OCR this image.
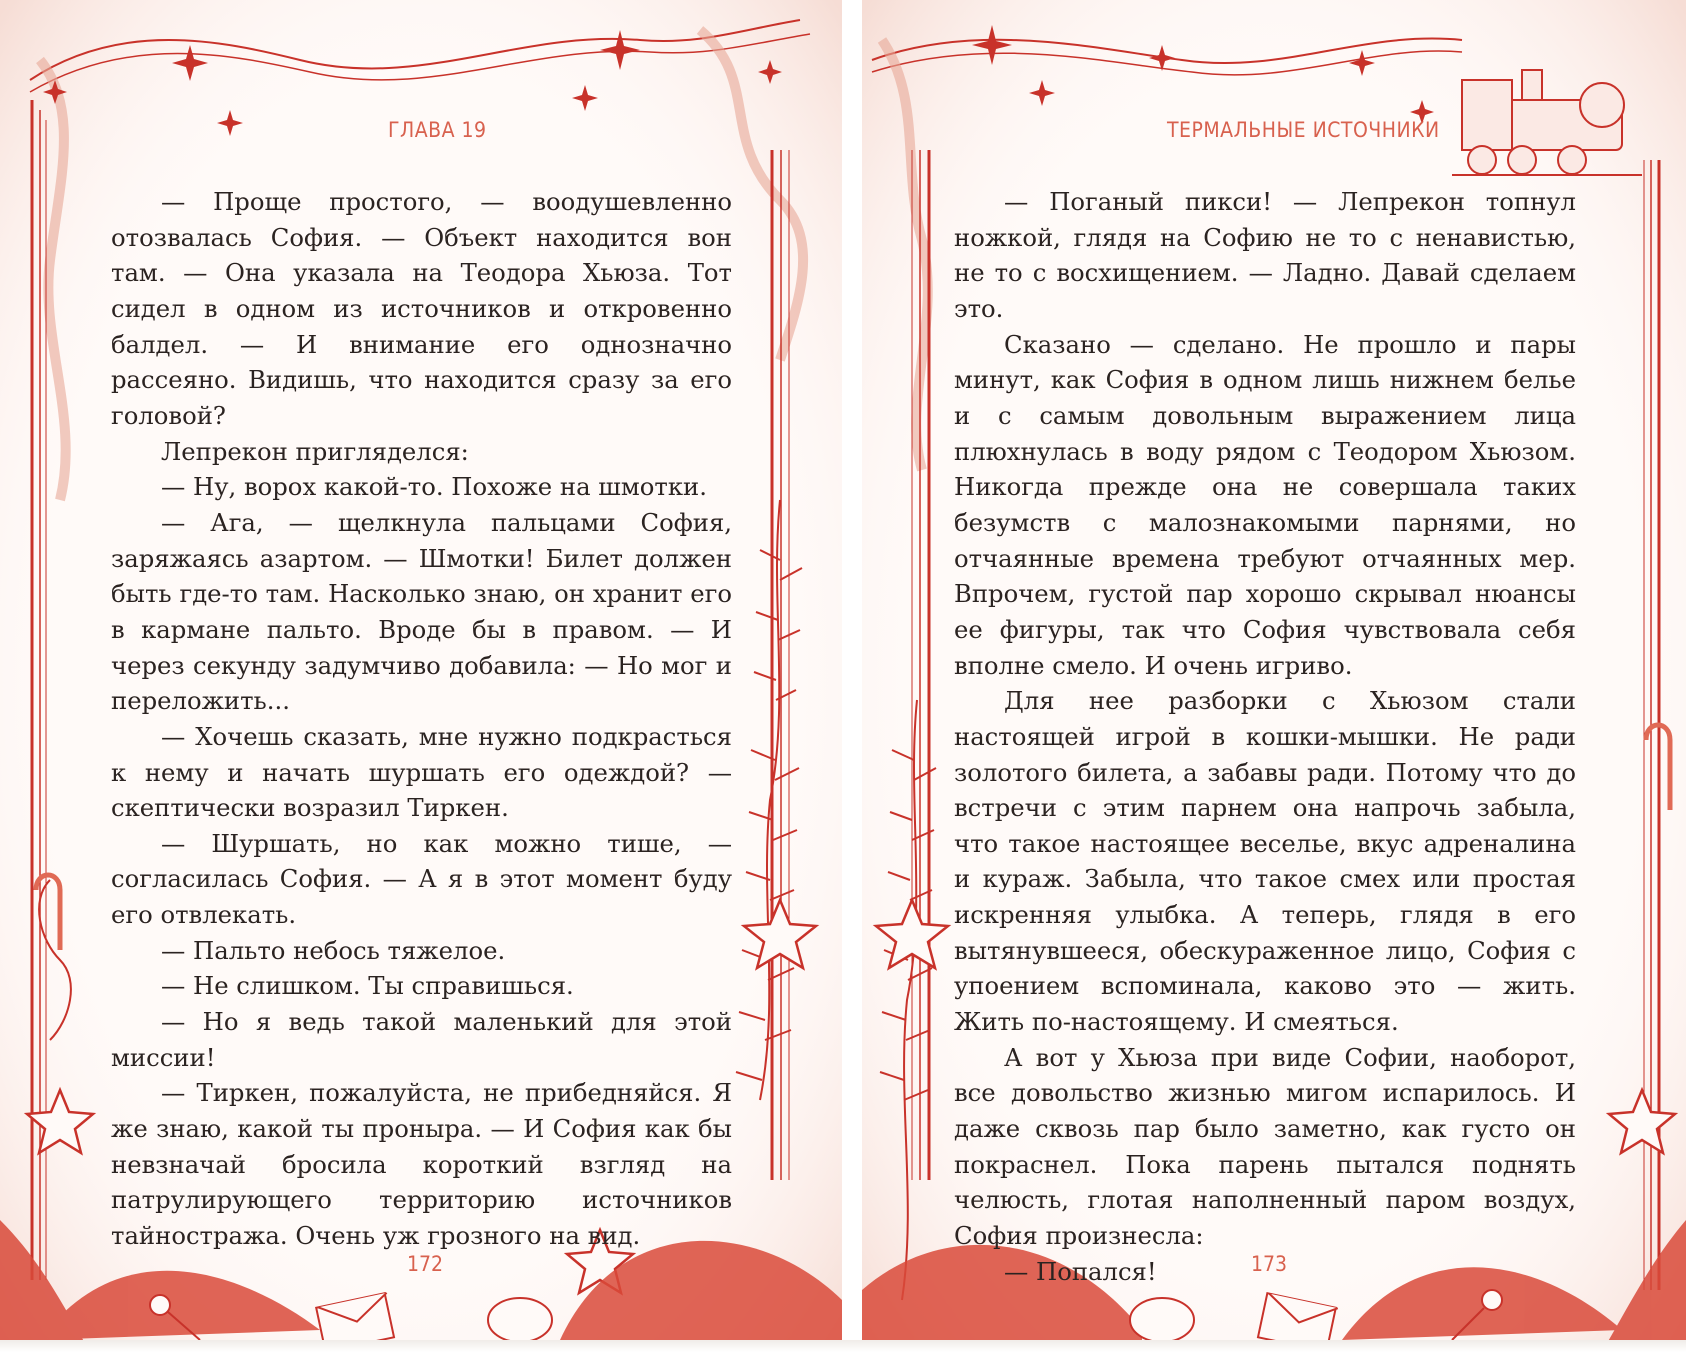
ГЛАВА 19

— Проще простого, — воодушевленно отозвалась София. — Объект находится вон там. — Она указала на Теодора Хьюза. Тот сидел в одном из источников и откровенно балдел. — И внимание его однозначно рассеяно. Видишь, что находится сразу за его головой?

Лепрекон пригляделся:

— Ну, ворох какой-то. Похоже на шмотки.

— Ага, — щелкнула пальцами София, заряжаясь азартом. — Шмотки! Билет должен быть где-то там. Насколько знаю, он хранит его в кармане пальто. Вроде бы в правом. — И через секунду задумчиво добавила: — Но мог и переложить...

— Хочешь сказать, мне нужно подкрасться к нему и начать шуршать его одеждой? — скептически возразил Тиркен.

— Шуршать, но как можно тише, — согласилась София. — А я в этот момент буду его отвлекать.

— Пальто небось тяжелое.

— Не слишком. Ты справишься.

— Но я ведь такой маленький для этой миссии!

— Тиркен, пожалуйста, не прибедняйся. Я же знаю, какой ты проныра. — И София как бы невзначай бросила короткий взгляд на патрулирующего территорию источников тайностража. Очень уж грозного на вид.

172

ТЕРМАЛЬНЫЕ ИСТОЧНИКИ

— Поганый пикси! — Лепрекон топнул ножкой, глядя на Софию не то с ненавистью, не то с восхищением. — Ладно. Давай сделаем это.

Сказано — сделано. Не прошло и пары минут, как София в одном лишь нижнем белье и с самым довольным выражением лица плюхнулась в воду рядом с Теодором Хьюзом. Никогда прежде она не совершала таких безумств с малознакомыми парнями, но отчаянные времена требуют отчаянных мер. Впрочем, густой пар хорошо скрывал нюансы ее фигуры, так что София чувствовала себя вполне смело. И очень игриво.

Для нее разборки с Хьюзом стали настоящей игрой в кошки-мышки. Не ради золотого билета, а забавы ради. Потому что до встречи с этим парнем она напрочь забыла, что такое настоящее веселье, вкус адреналина и кураж. Забыла, что такое смех или простая искренняя улыбка. А теперь, глядя в его вытянувшееся, обескураженное лицо, София с упоением вспоминала, каково это — жить. Жить по-настоящему. И смеяться.

А вот у Хьюза при виде Софии, наоборот, все довольство жизнью мигом испарилось. И даже сквозь пар было заметно, как густо он покраснел. Пока парень пытался поднять челюсть, глотая наполненный паром воздух, София произнесла:

— Попался!	173
